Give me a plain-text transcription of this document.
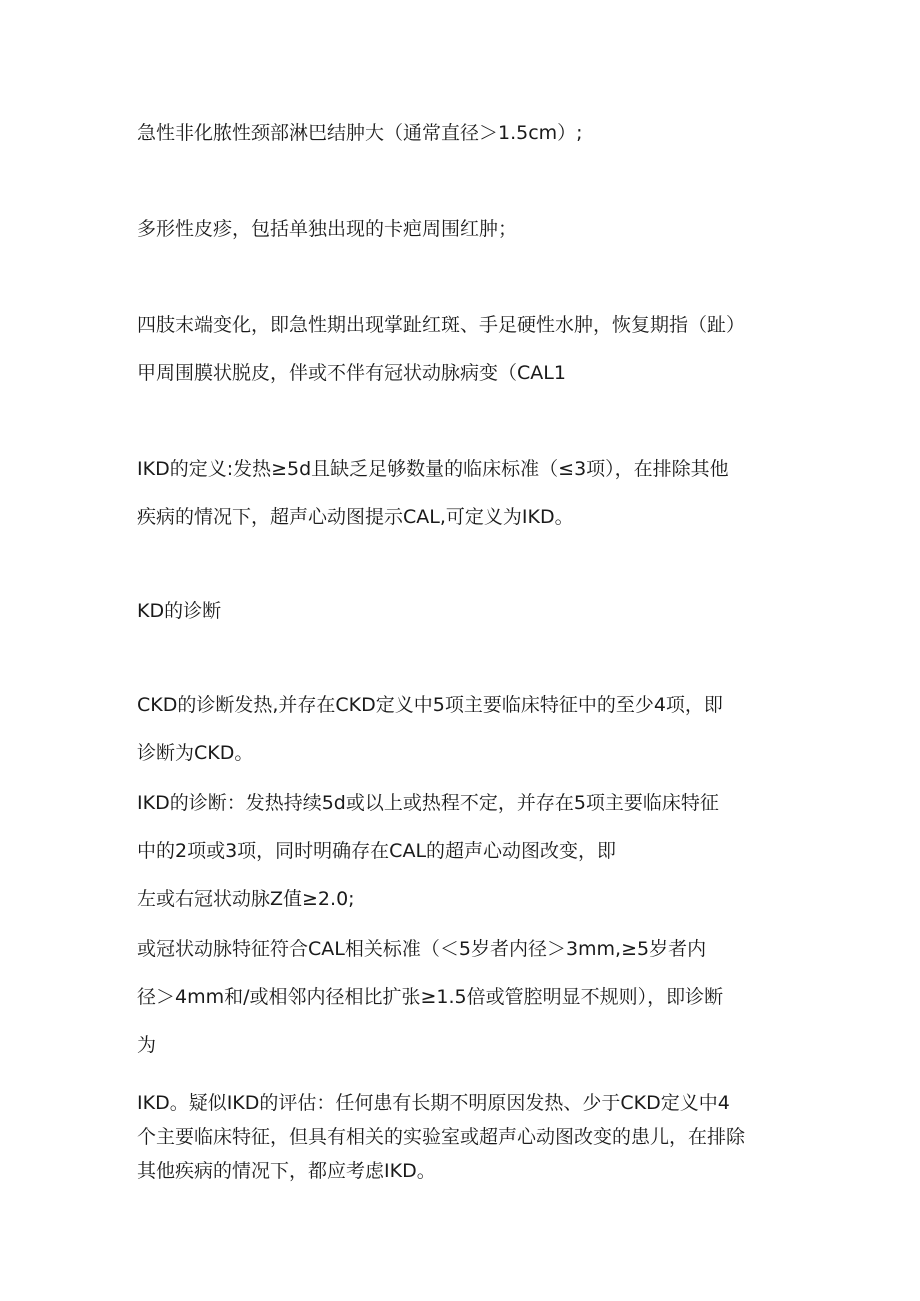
急性非化脓性颈部淋巴结肿大（通常直径＞1.5cm）;
多形性皮疹，包括单独出现的卡疤周围红肿；
四肢末端变化，即急性期出现掌趾红斑、手足硬性水肿，恢复期指（趾）
甲周围膜状脱皮，伴或不伴有冠状动脉病变（CAL1
IKD的定义:发热≥5d且缺乏足够数量的临床标准（≤3项），在排除其他
疾病的情况下，超声心动图提示CAL,可定义为IKD。
KD的诊断
CKD的诊断发热,并存在CKD定义中5项主要临床特征中的至少4项，即
诊断为CKD。
IKD的诊断：发热持续5d或以上或热程不定，并存在5项主要临床特征
中的2项或3项，同时明确存在CAL的超声心动图改变，即
左或右冠状动脉Z值≥2.0;
或冠状动脉特征符合CAL相关标准（＜5岁者内径＞3mm,≥5岁者内
径＞4mm和/或相邻内径相比扩张≥1.5倍或管腔明显不规则），即诊断
为
IKD。疑似IKD的评估：任何患有长期不明原因发热、少于CKD定义中4
个主要临床特征，但具有相关的实验室或超声心动图改变的患儿，在排除
其他疾病的情况下，都应考虑IKD。
